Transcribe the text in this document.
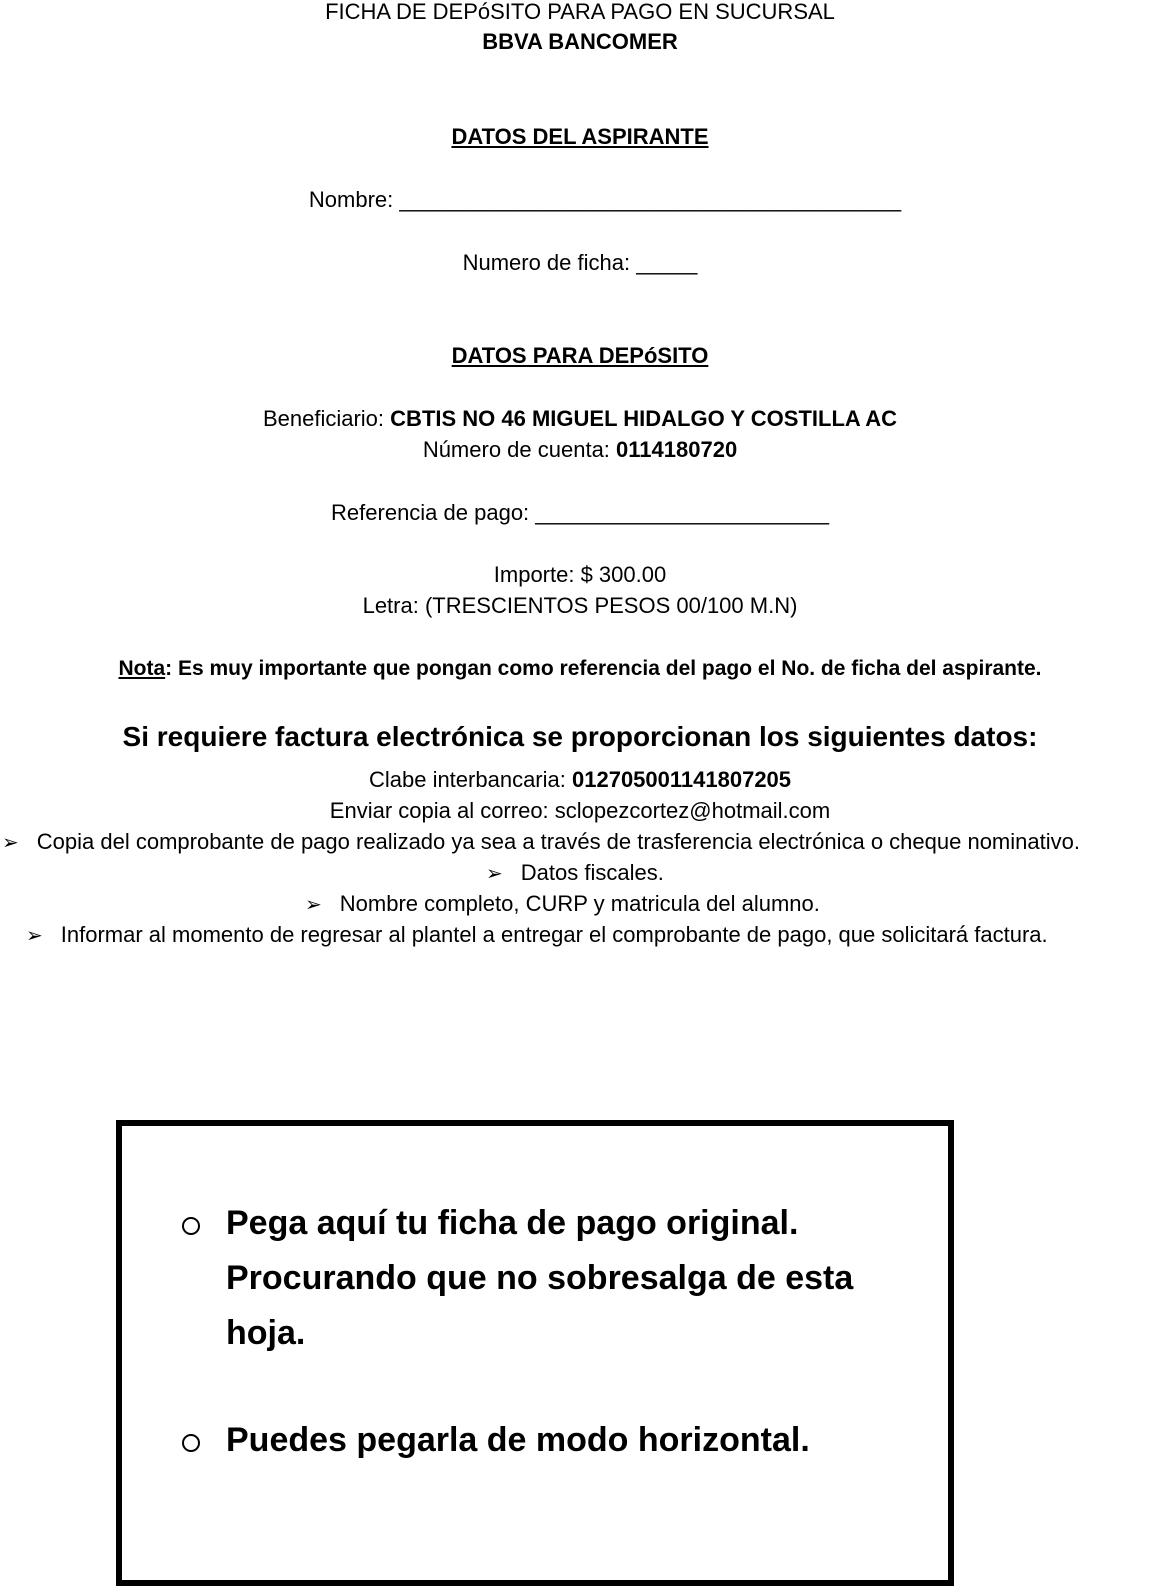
FICHA DE DEPóSITO PARA PAGO EN SUCURSAL
BBVA BANCOMER
DATOS DEL ASPIRANTE
Nombre: _________________________________________
Numero de ficha: _____
DATOS PARA DEPóSITO
Beneficiario: CBTIS NO 46 MIGUEL HIDALGO Y COSTILLA AC
Número de cuenta: 0114180720
Referencia de pago: ________________________
Importe: $ 300.00
Letra: (TRESCIENTOS PESOS 00/100 M.N)
Nota: Es muy importante que pongan como referencia del pago el No. de ficha del aspirante.
Si requiere factura electrónica se proporcionan los siguientes datos:
Clabe interbancaria: 012705001141807205
Enviar copia al correo: sclopezcortez@hotmail.com
➢ Copia del comprobante de pago realizado ya sea a través de trasferencia electrónica o cheque nominativo.
➢ Datos fiscales.
➢ Nombre completo, CURP y matricula del alumno.
➢ Informar al momento de regresar al plantel a entregar el comprobante de pago, que solicitará factura.
Pega aquí tu ficha de pago original. Procurando que no sobresalga de esta hoja.
Puedes pegarla de modo horizontal.
